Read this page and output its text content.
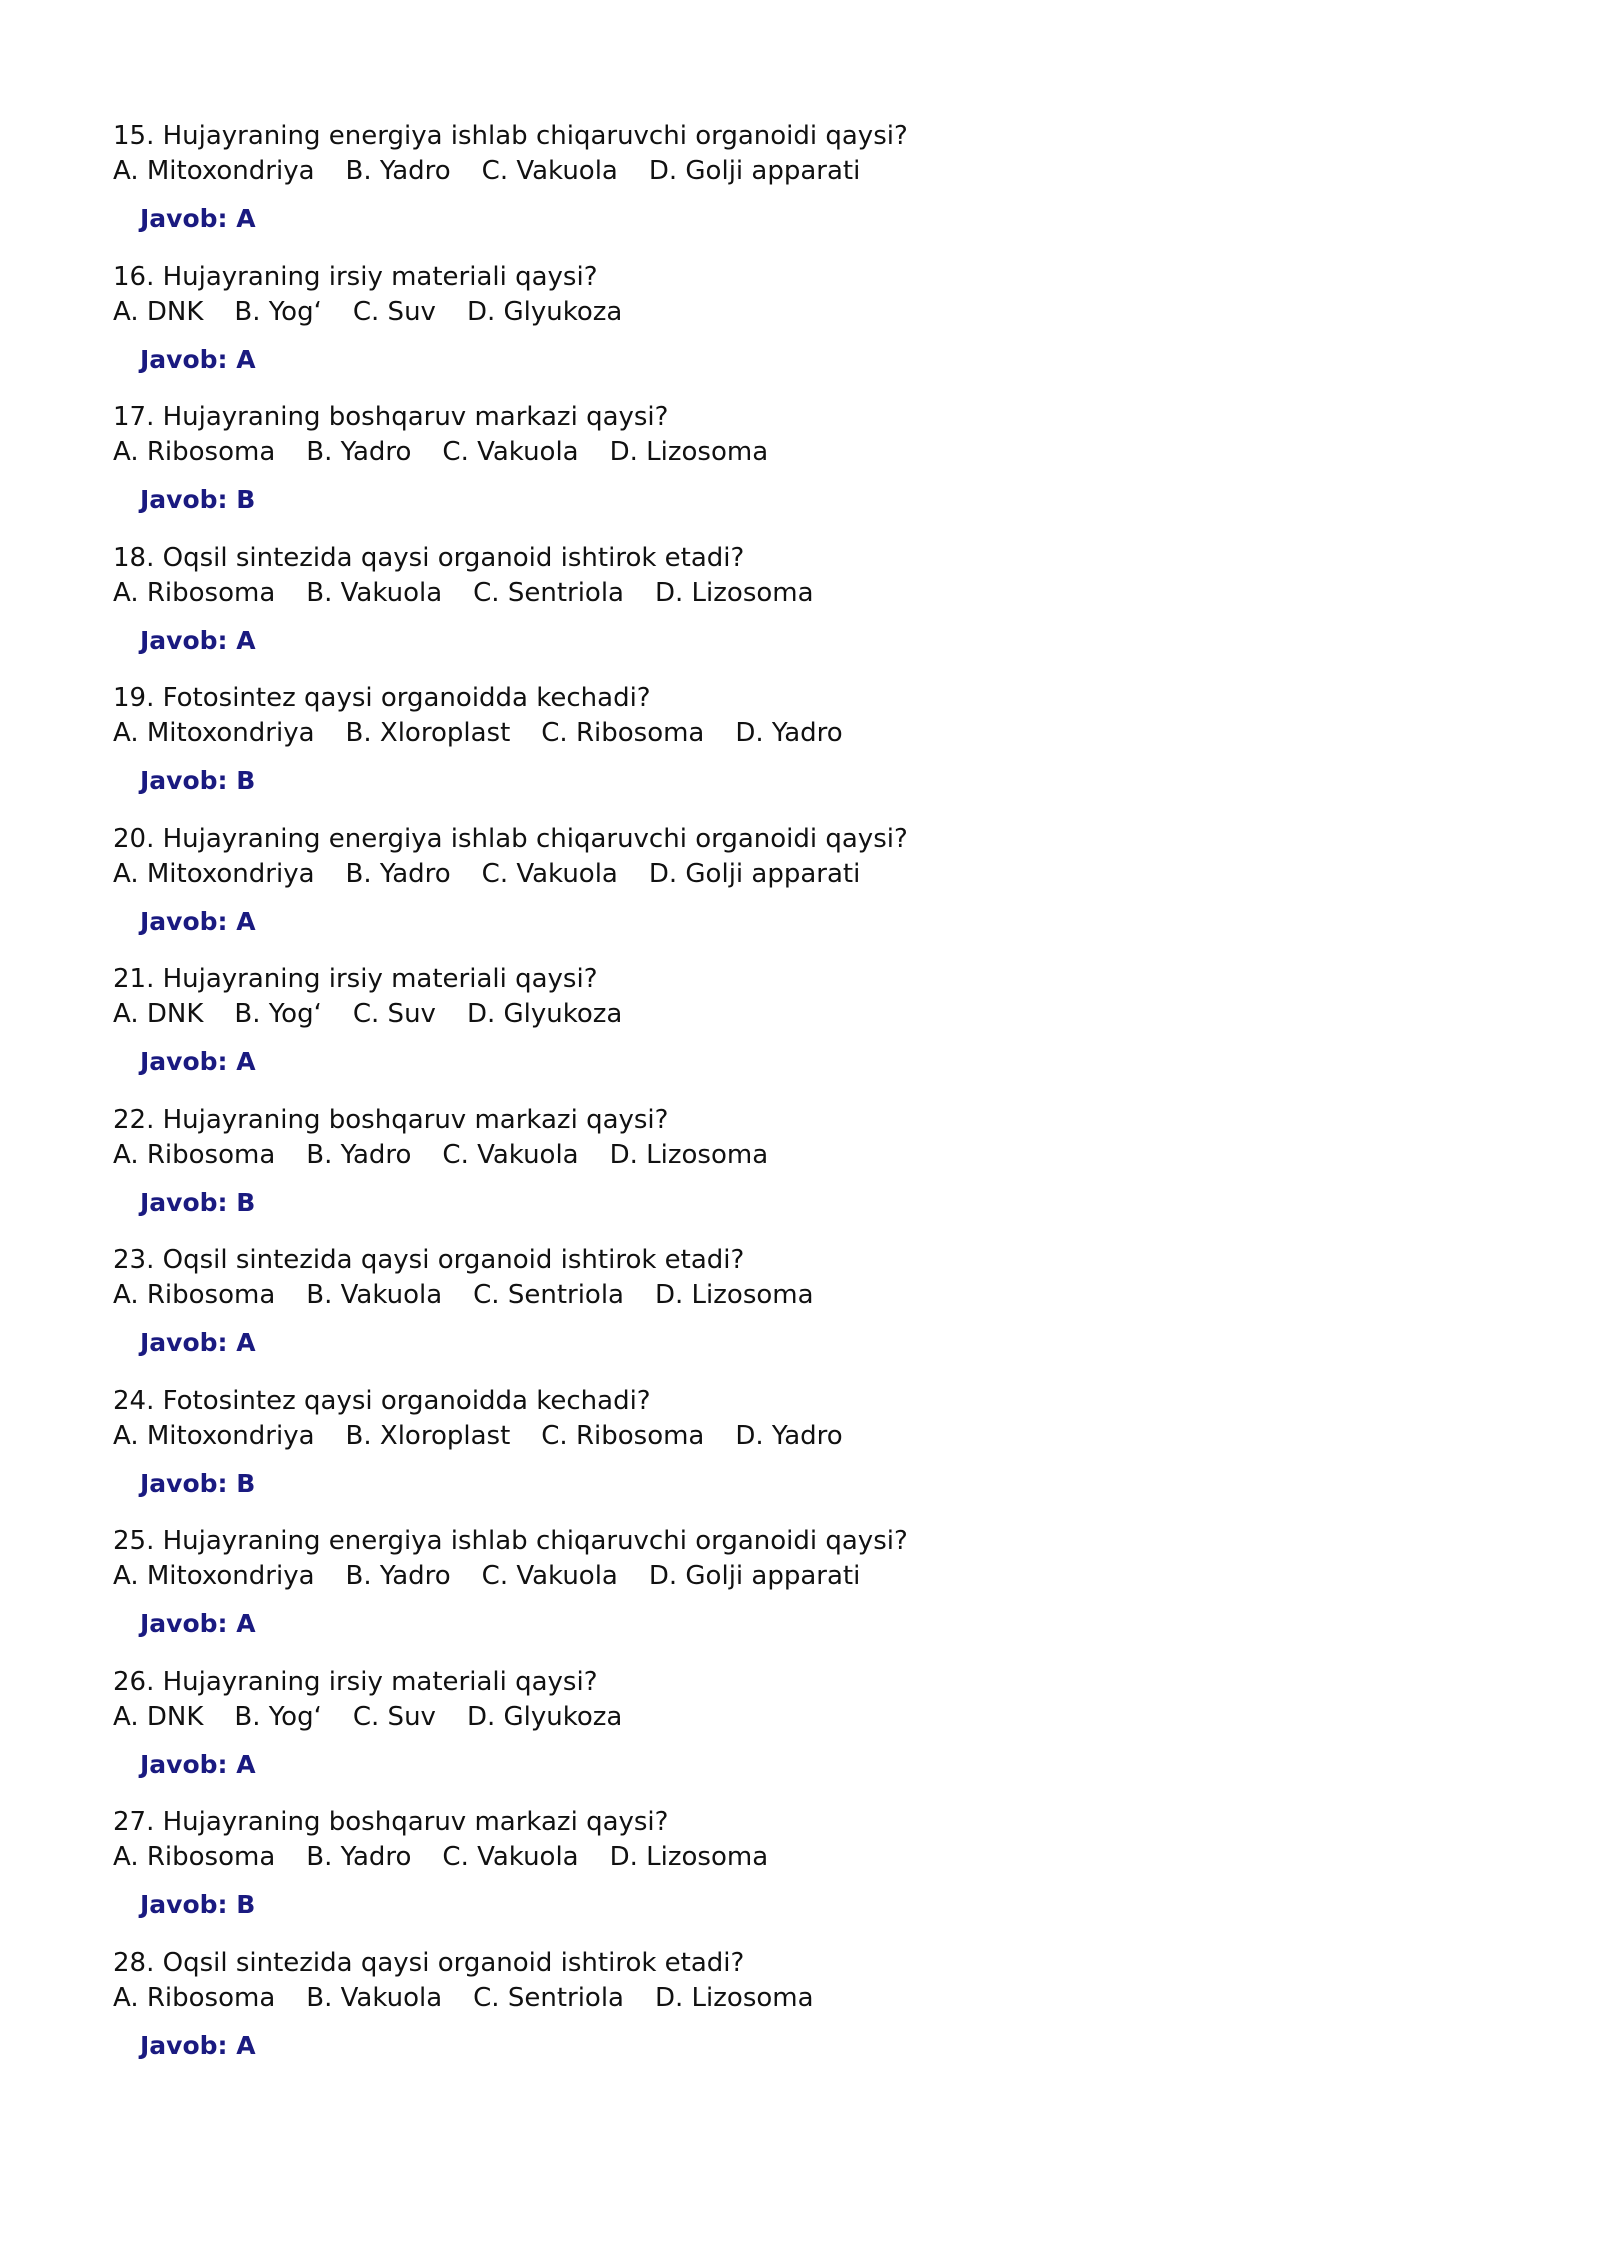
15. Hujayraning energiya ishlab chiqaruvchi organoidi qaysi?
A. Mitoxondriya B. Yadro C. Vakuola D. Golji apparati
Javob: A
16. Hujayraning irsiy materiali qaysi?
A. DNK B. Yog‘ C. Suv D. Glyukoza
Javob: A
17. Hujayraning boshqaruv markazi qaysi?
A. Ribosoma B. Yadro C. Vakuola D. Lizosoma
Javob: B
18. Oqsil sintezida qaysi organoid ishtirok etadi?
A. Ribosoma B. Vakuola C. Sentriola D. Lizosoma
Javob: A
19. Fotosintez qaysi organoidda kechadi?
A. Mitoxondriya B. Xloroplast C. Ribosoma D. Yadro
Javob: B
20. Hujayraning energiya ishlab chiqaruvchi organoidi qaysi?
A. Mitoxondriya B. Yadro C. Vakuola D. Golji apparati
Javob: A
21. Hujayraning irsiy materiali qaysi?
A. DNK B. Yog‘ C. Suv D. Glyukoza
Javob: A
22. Hujayraning boshqaruv markazi qaysi?
A. Ribosoma B. Yadro C. Vakuola D. Lizosoma
Javob: B
23. Oqsil sintezida qaysi organoid ishtirok etadi?
A. Ribosoma B. Vakuola C. Sentriola D. Lizosoma
Javob: A
24. Fotosintez qaysi organoidda kechadi?
A. Mitoxondriya B. Xloroplast C. Ribosoma D. Yadro
Javob: B
25. Hujayraning energiya ishlab chiqaruvchi organoidi qaysi?
A. Mitoxondriya B. Yadro C. Vakuola D. Golji apparati
Javob: A
26. Hujayraning irsiy materiali qaysi?
A. DNK B. Yog‘ C. Suv D. Glyukoza
Javob: A
27. Hujayraning boshqaruv markazi qaysi?
A. Ribosoma B. Yadro C. Vakuola D. Lizosoma
Javob: B
28. Oqsil sintezida qaysi organoid ishtirok etadi?
A. Ribosoma B. Vakuola C. Sentriola D. Lizosoma
Javob: A
